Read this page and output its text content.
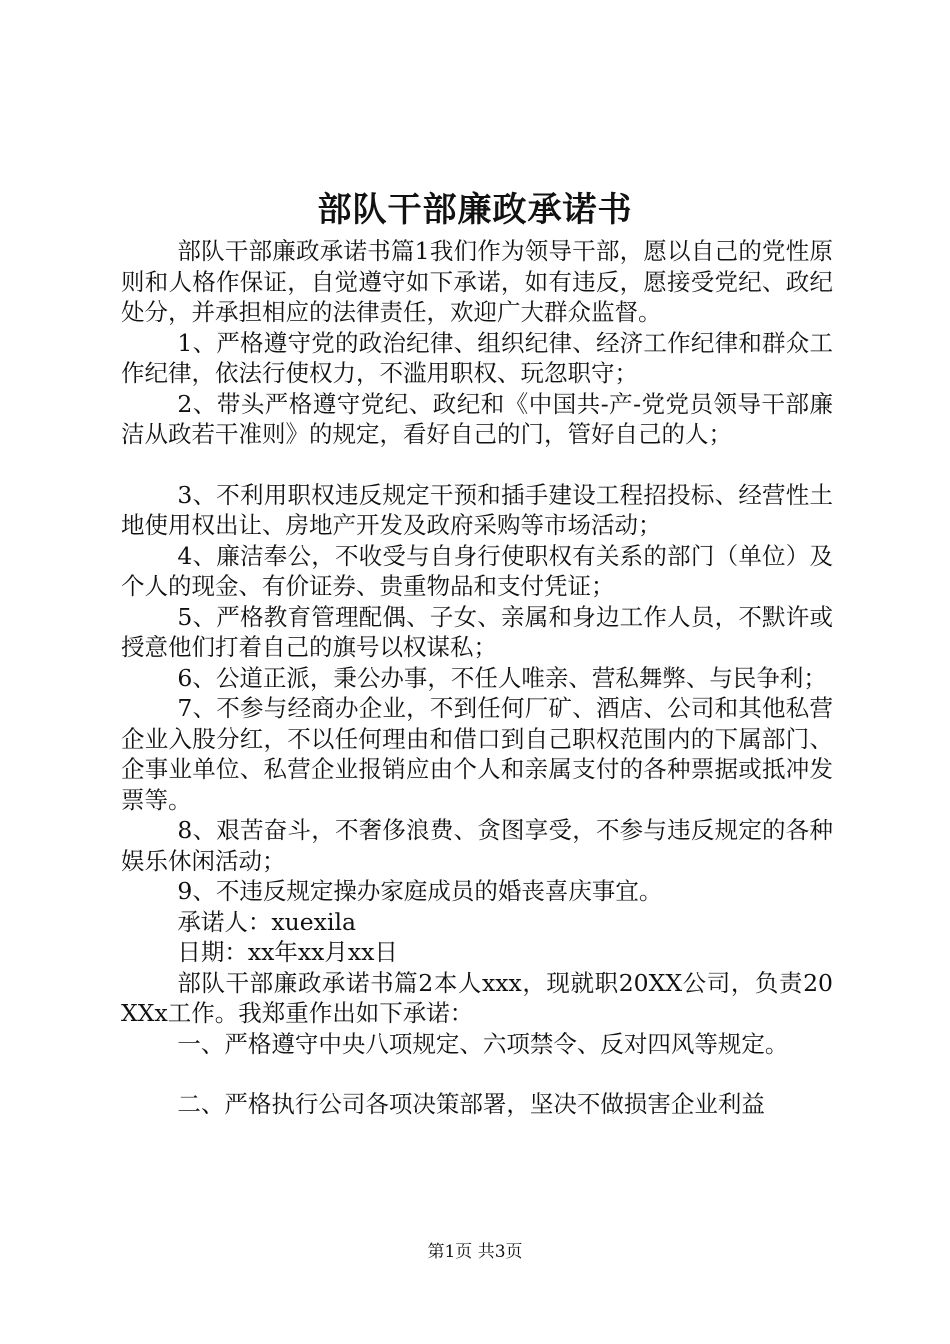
部队干部廉政承诺书

部队干部廉政承诺书篇1我们作为领导干部，愿以自己的党性原则和人格作保证，自觉遵守如下承诺，如有违反，愿接受党纪、政纪处分，并承担相应的法律责任，欢迎广大群众监督。

1、严格遵守党的政治纪律、组织纪律、经济工作纪律和群众工作纪律，依法行使权力，不滥用职权、玩忽职守；

2、带头严格遵守党纪、政纪和《中国共-产-党党员领导干部廉洁从政若干准则》的规定，看好自己的门，管好自己的人；

3、不利用职权违反规定干预和插手建设工程招投标、经营性土地使用权出让、房地产开发及政府采购等市场活动；

4、廉洁奉公，不收受与自身行使职权有关系的部门（单位）及个人的现金、有价证券、贵重物品和支付凭证；

5、严格教育管理配偶、子女、亲属和身边工作人员，不默许或授意他们打着自己的旗号以权谋私；

6、公道正派，秉公办事，不任人唯亲、营私舞弊、与民争利；

7、不参与经商办企业，不到任何厂矿、酒店、公司和其他私营企业入股分红，不以任何理由和借口到自己职权范围内的下属部门、企事业单位、私营企业报销应由个人和亲属支付的各种票据或抵冲发票等。

8、艰苦奋斗，不奢侈浪费、贪图享受，不参与违反规定的各种娱乐休闲活动；

9、不违反规定操办家庭成员的婚丧喜庆事宜。

承诺人：xuexila

日期：xx年xx月xx日

部队干部廉政承诺书篇2本人xxx，现就职20XX公司，负责20XXx工作。我郑重作出如下承诺：

一、严格遵守中央八项规定、六项禁令、反对四风等规定。

二、严格执行公司各项决策部署，坚决不做损害企业利益

第1页 共3页
